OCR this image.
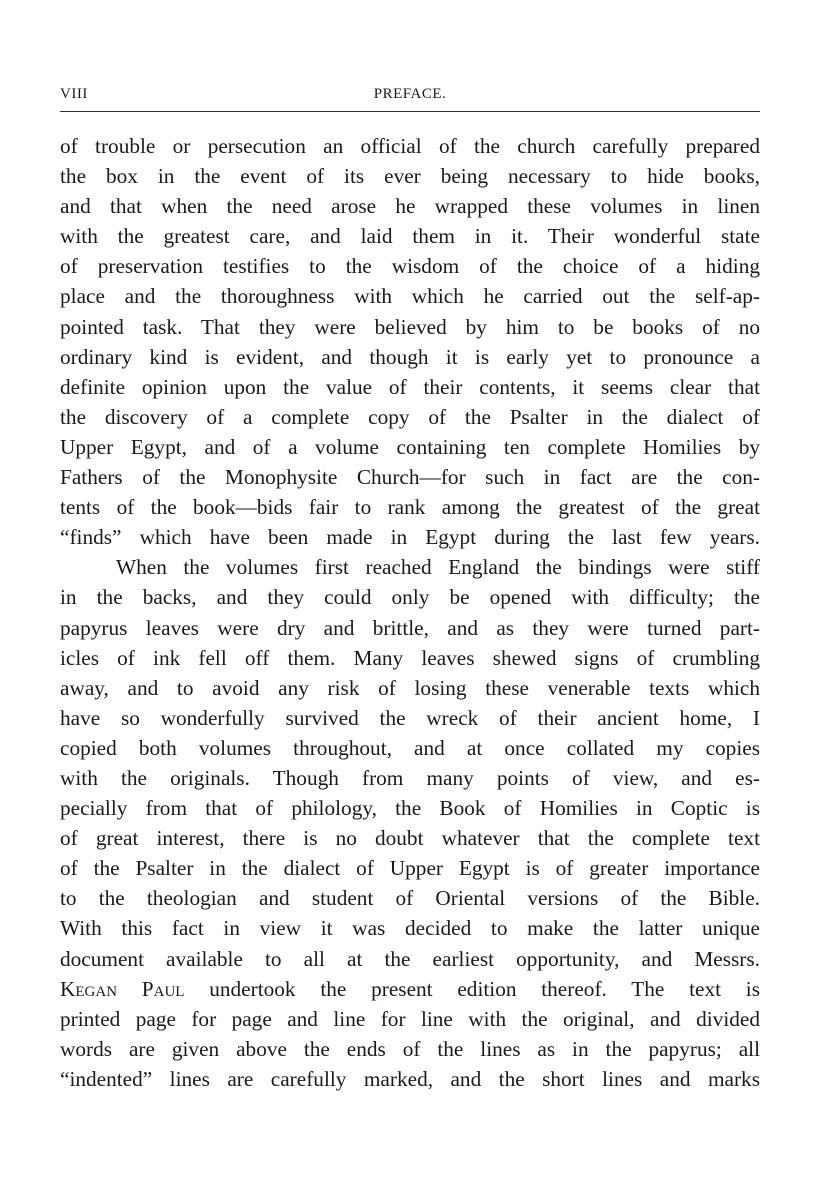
VIII	PREFACE.
of trouble or persecution an official of the church carefully prepared
the box in the event of its ever being necessary to hide books,
and that when the need arose he wrapped these volumes in linen
with the greatest care, and laid them in it. Their wonderful state
of preservation testifies to the wisdom of the choice of a hiding
place and the thoroughness with which he carried out the self-ap-
pointed task. That they were believed by him to be books of no
ordinary kind is evident, and though it is early yet to pronounce a
definite opinion upon the value of their contents, it seems clear that
the discovery of a complete copy of the Psalter in the dialect of
Upper Egypt, and of a volume containing ten complete Homilies by
Fathers of the Monophysite Church—for such in fact are the con-
tents of the book—bids fair to rank among the greatest of the great
“finds” which have been made in Egypt during the last few years.
When the volumes first reached England the bindings were stiff
in the backs, and they could only be opened with difficulty; the
papyrus leaves were dry and brittle, and as they were turned part-
icles of ink fell off them. Many leaves shewed signs of crumbling
away, and to avoid any risk of losing these venerable texts which
have so wonderfully survived the wreck of their ancient home, I
copied both volumes throughout, and at once collated my copies
with the originals. Though from many points of view, and es-
pecially from that of philology, the Book of Homilies in Coptic is
of great interest, there is no doubt whatever that the complete text
of the Psalter in the dialect of Upper Egypt is of greater importance
to the theologian and student of Oriental versions of the Bible.
With this fact in view it was decided to make the latter unique
document available to all at the earliest opportunity, and Messrs.
Kegan Paul undertook the present edition thereof. The text is
printed page for page and line for line with the original, and divided
words are given above the ends of the lines as in the papyrus; all
“indented” lines are carefully marked, and the short lines and marks
